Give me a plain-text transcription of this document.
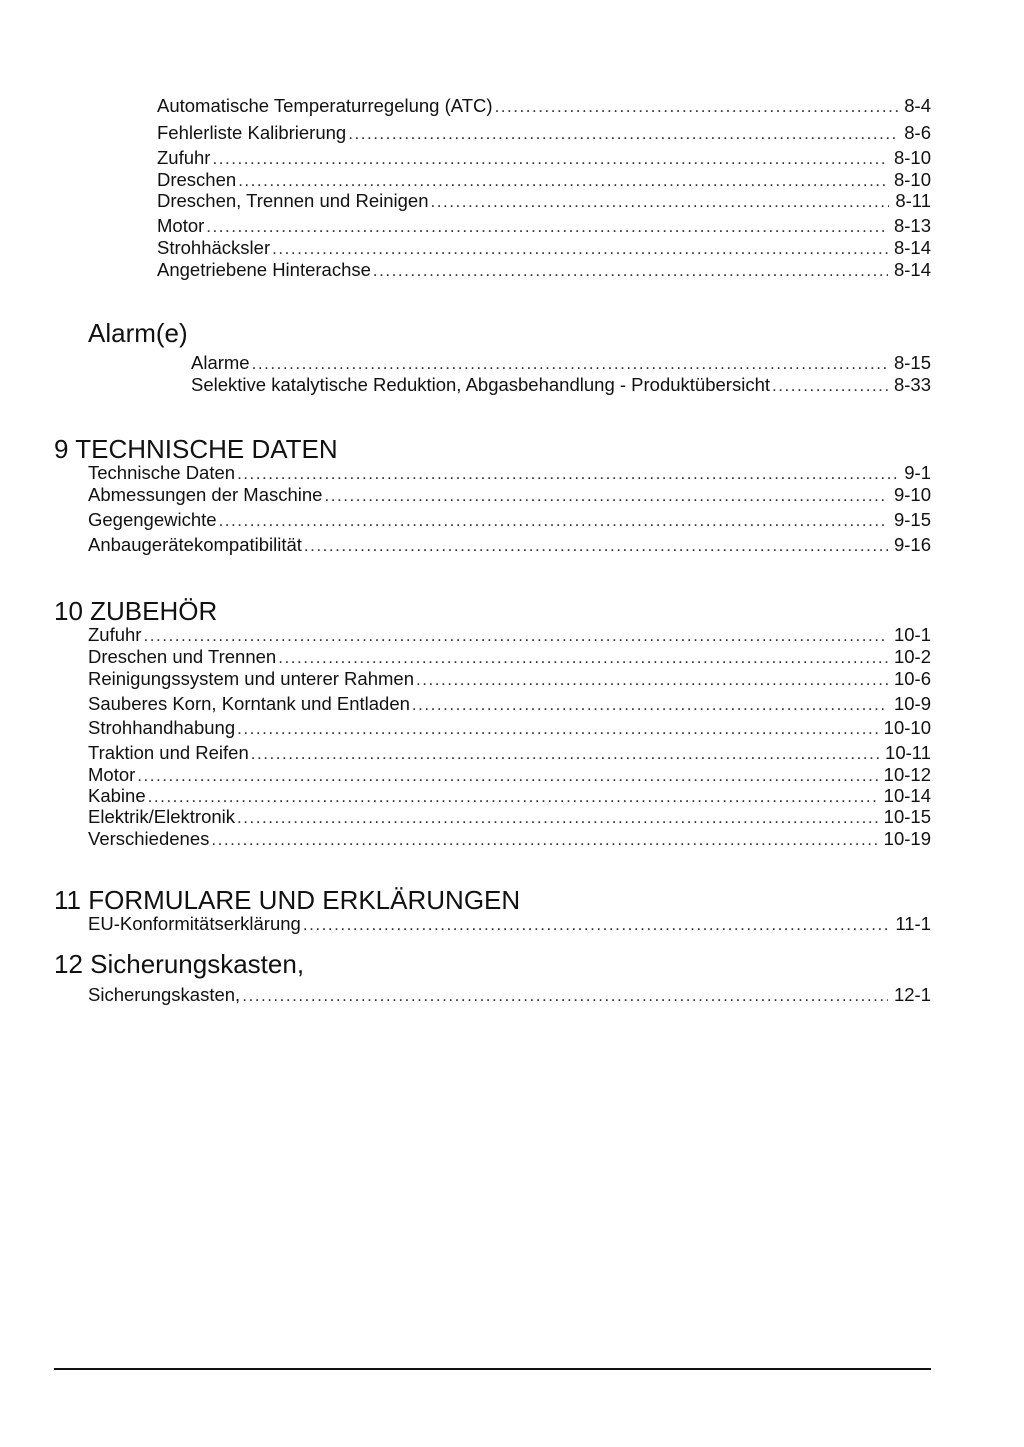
Automatische Temperaturregelung (ATC) . . .	8-4
Fehlerliste Kalibrierung . . .	8-6
Zufuhr . . .	8-10
Dreschen . . .	8-10
Dreschen, Trennen und Reinigen . . .	8-11
Motor . . .	8-13
Strohhäcksler . . .	8-14
Angetriebene Hinterachse . . .	8-14
Alarm(e)
Alarme . . .	8-15
Selektive katalytische Reduktion, Abgasbehandlung - Produktübersicht . . .	8-33
9 TECHNISCHE DATEN
Technische Daten . . .	9-1
Abmessungen der Maschine . . .	9-10
Gegengewichte . . .	9-15
Anbaugerätekompatibilität . . .	9-16
10 ZUBEHÖR
Zufuhr . . .	10-1
Dreschen und Trennen . . .	10-2
Reinigungssystem und unterer Rahmen . . .	10-6
Sauberes Korn, Korntank und Entladen . . .	10-9
Strohhandhabung . . .	10-10
Traktion und Reifen . . .	10-11
Motor . . .	10-12
Kabine . . .	10-14
Elektrik/Elektronik . . .	10-15
Verschiedenes . . .	10-19
11 FORMULARE UND ERKLÄRUNGEN
EU-Konformitätserklärung . . .	11-1
12 Sicherungskasten,
Sicherungskasten, . . .	12-1
